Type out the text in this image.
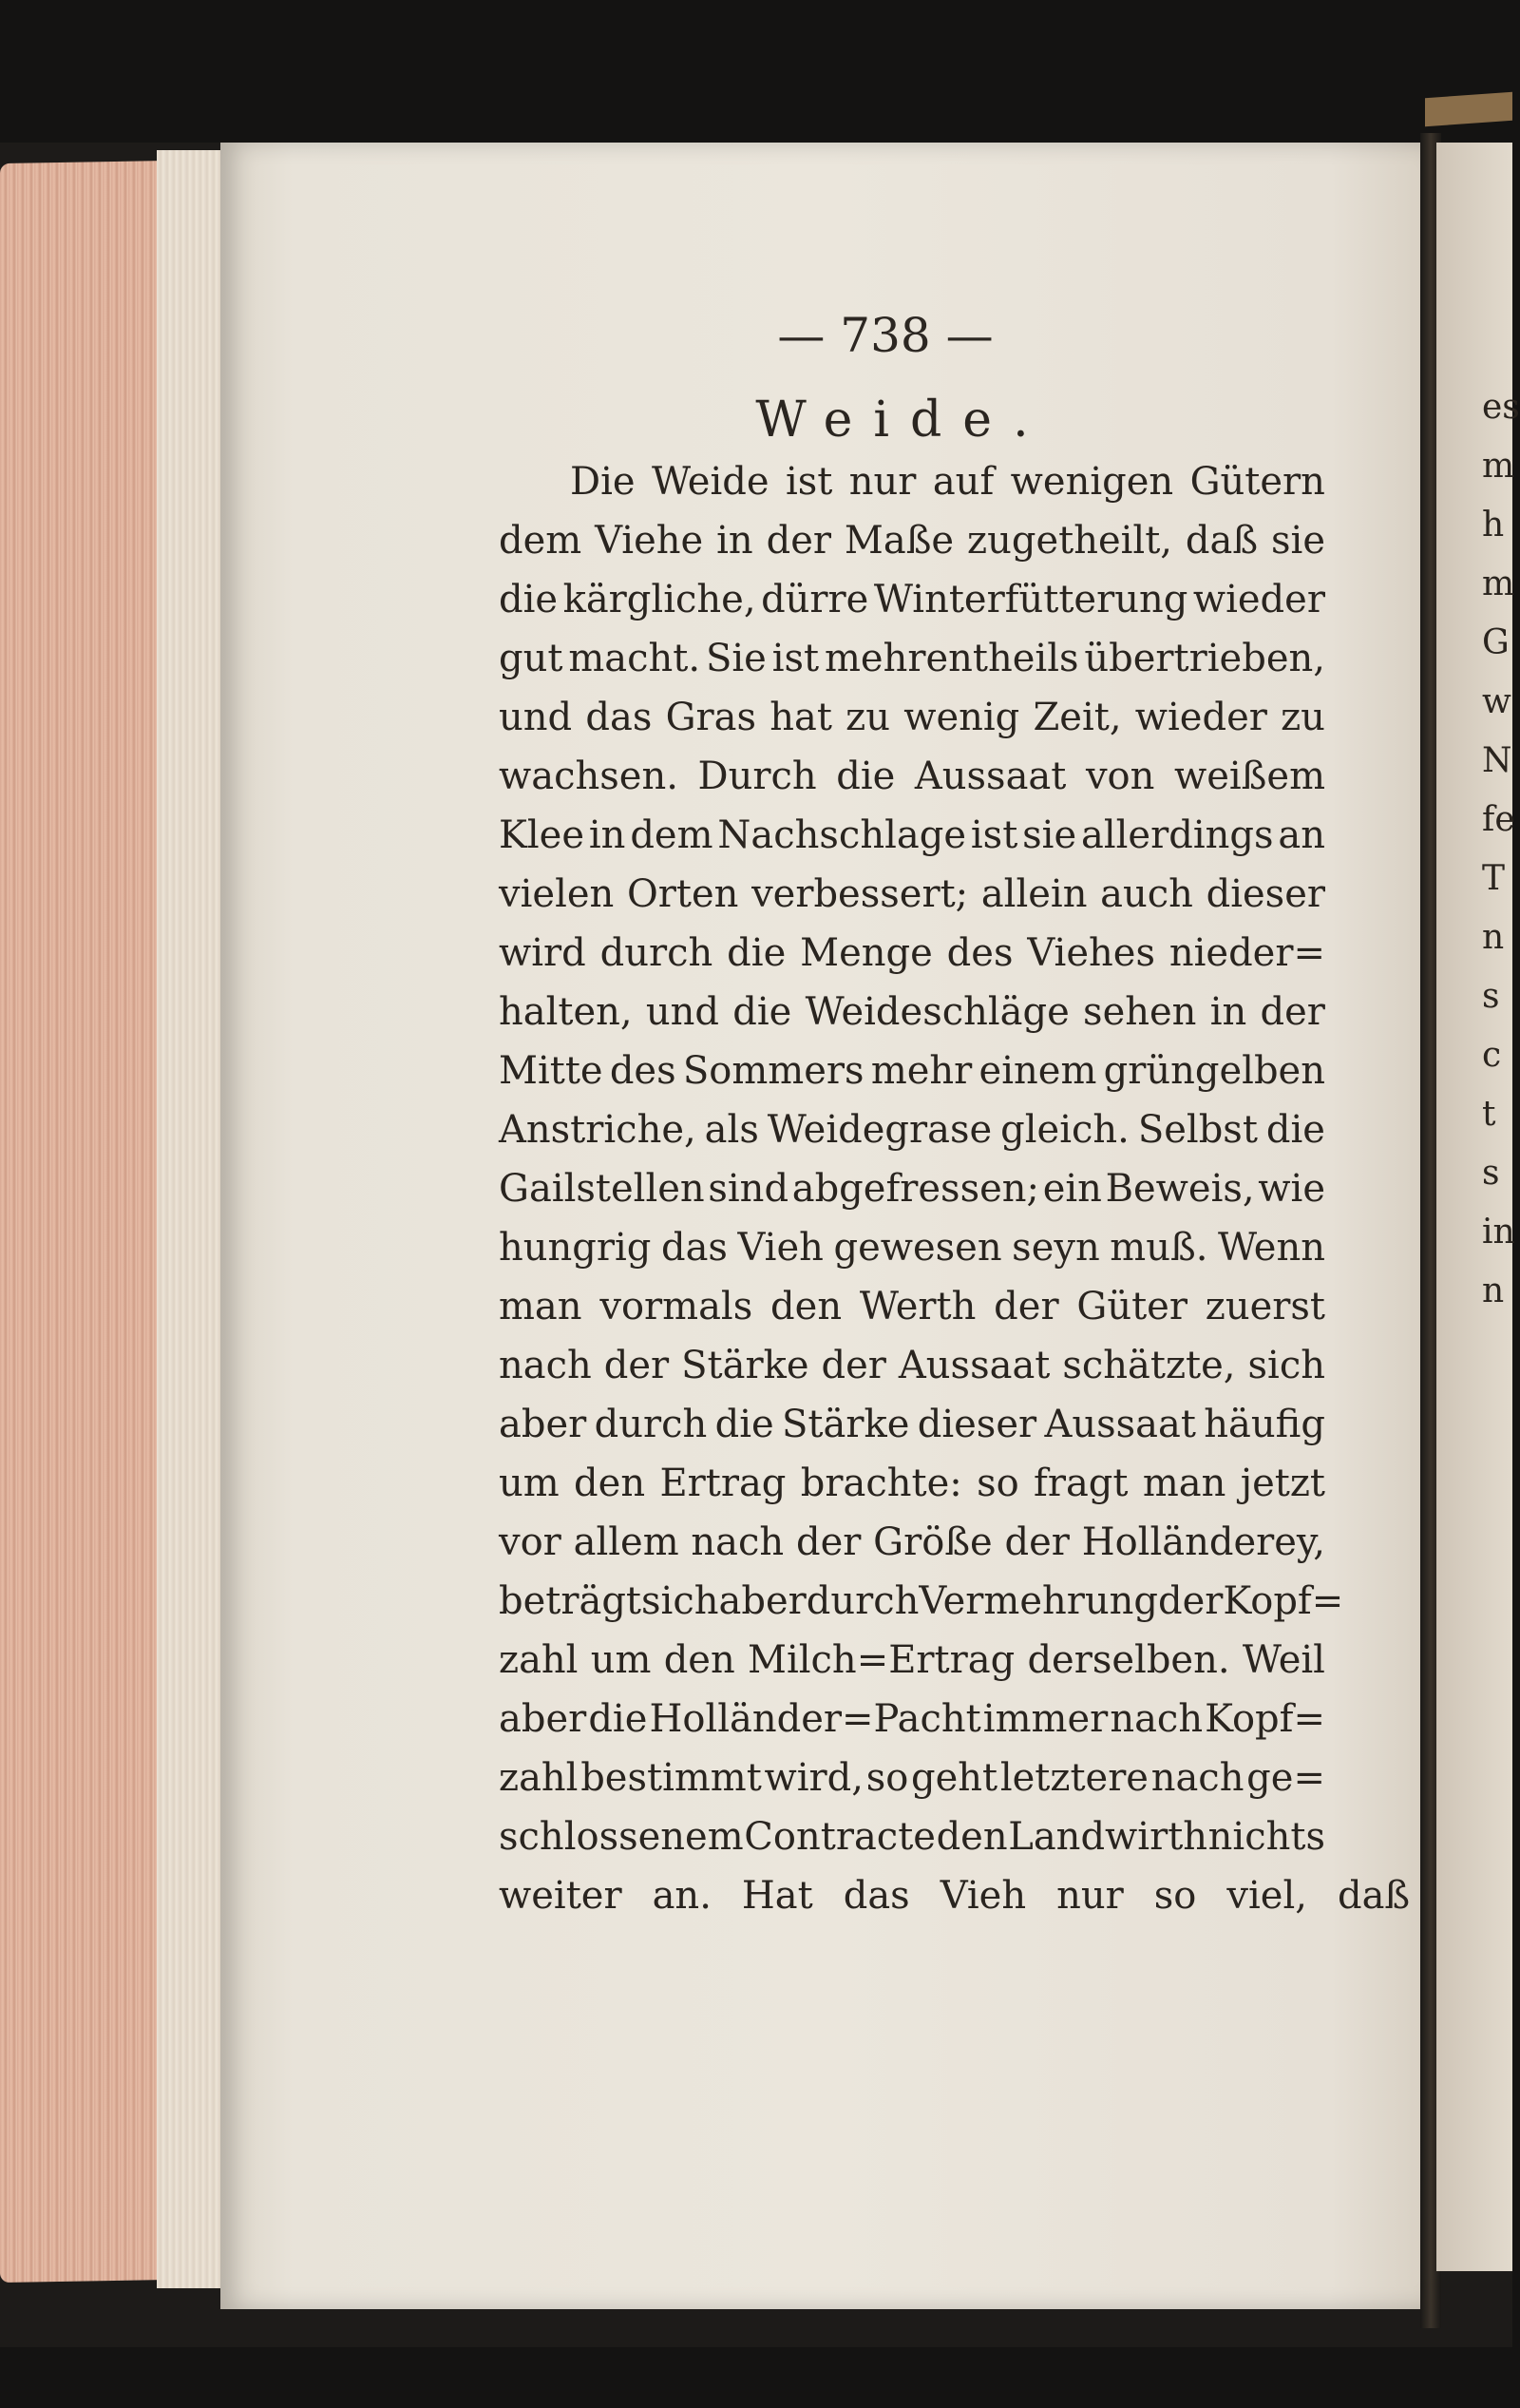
es
m
h
m
G
w
N
fe
T
n
s
c
t
s
in
n
— 738 —
Weide.
Die Weide ist nur auf wenigen Gütern
dem Viehe in der Maße zugetheilt, daß sie
die kärgliche, dürre Winterfütterung wieder
gut macht. Sie ist mehrentheils übertrieben,
und das Gras hat zu wenig Zeit, wieder zu
wachsen. Durch die Aussaat von weißem
Klee in dem Nachschlage ist sie allerdings an
vielen Orten verbessert; allein auch dieser
wird durch die Menge des Viehes nieder=
halten, und die Weideschläge sehen in der
Mitte des Sommers mehr einem grüngelben
Anstriche, als Weidegrase gleich. Selbst die
Gailstellen sind abgefressen; ein Beweis, wie
hungrig das Vieh gewesen seyn muß. Wenn
man vormals den Werth der Güter zuerst
nach der Stärke der Aussaat schätzte, sich
aber durch die Stärke dieser Aussaat häufig
um den Ertrag brachte: so fragt man jetzt
vor allem nach der Größe der Holländerey,
beträgt sich aber durch Vermehrung der Kopf=
zahl um den Milch=Ertrag derselben. Weil
aber die Holländer=Pacht immer nach Kopf=
zahl bestimmt wird, so geht letztere nach ge=
schlossenem Contracte den Landwirth nichts
weiter an. Hat das Vieh nur so viel, daß
